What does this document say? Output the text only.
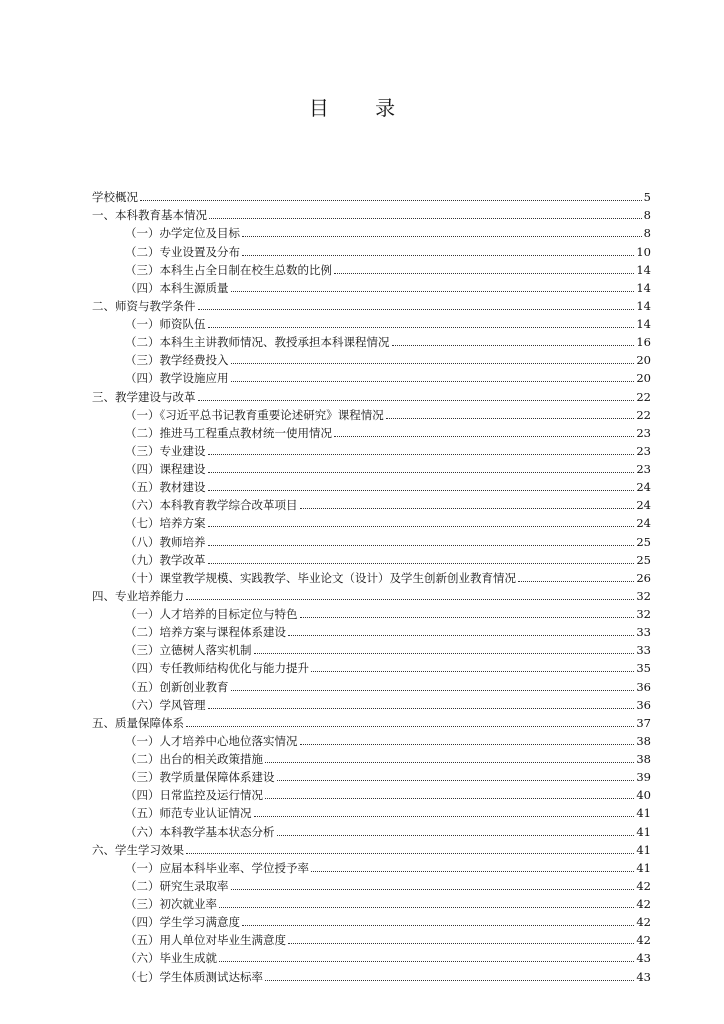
目 录
学校概况	5
一、本科教育基本情况	8
（一）办学定位及目标	8
（二）专业设置及分布	10
（三）本科生占全日制在校生总数的比例	14
（四）本科生源质量	14
二、师资与教学条件	14
（一）师资队伍	14
（二）本科生主讲教师情况、教授承担本科课程情况	16
（三）教学经费投入	20
（四）教学设施应用	20
三、教学建设与改革	22
（一）《习近平总书记教育重要论述研究》课程情况	22
（二）推进马工程重点教材统一使用情况	23
（三）专业建设	23
（四）课程建设	23
（五）教材建设	24
（六）本科教育教学综合改革项目	24
（七）培养方案	24
（八）教师培养	25
（九）教学改革	25
（十）课堂教学规模、实践教学、毕业论文（设计）及学生创新创业教育情况	26
四、专业培养能力	32
（一）人才培养的目标定位与特色	32
（二）培养方案与课程体系建设	33
（三）立德树人落实机制	33
（四）专任教师结构优化与能力提升	35
（五）创新创业教育	36
（六）学风管理	36
五、质量保障体系	37
（一）人才培养中心地位落实情况	38
（二）出台的相关政策措施	38
（三）教学质量保障体系建设	39
（四）日常监控及运行情况	40
（五）师范专业认证情况	41
（六）本科教学基本状态分析	41
六、学生学习效果	41
（一）应届本科毕业率、学位授予率	41
（二）研究生录取率	42
（三）初次就业率	42
（四）学生学习满意度	42
（五）用人单位对毕业生满意度	42
（六）毕业生成就	43
（七）学生体质测试达标率	43
